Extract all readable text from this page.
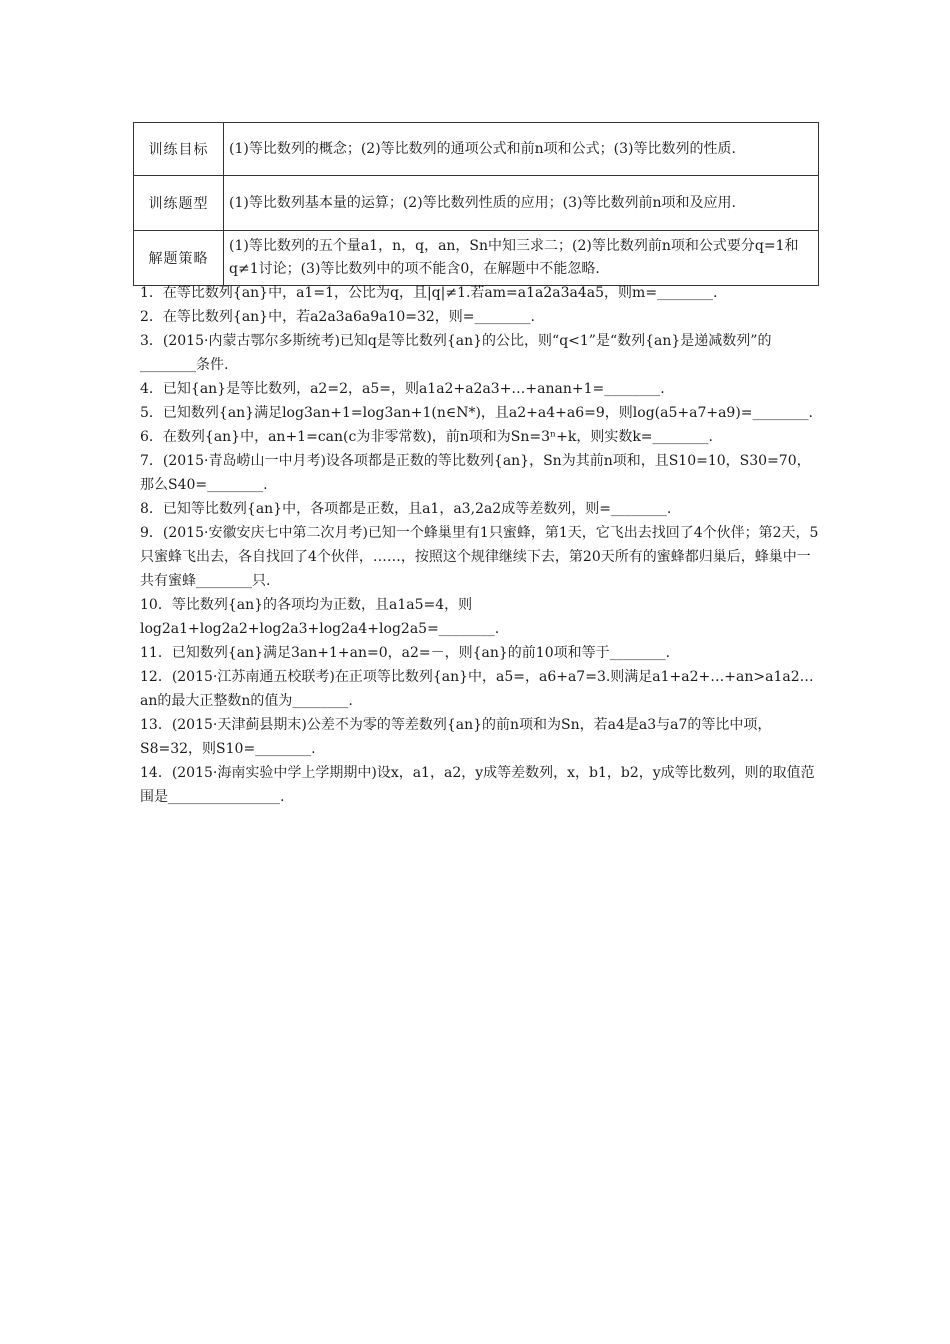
训练目标	(1)等比数列的概念；(2)等比数列的通项公式和前n项和公式；(3)等比数列的性质.
训练题型	(1)等比数列基本量的运算；(2)等比数列性质的应用；(3)等比数列前n项和及应用.
解题策略	(1)等比数列的五个量a1，n，q，an，Sn中知三求二；(2)等比数列前n项和公式要分q=1和q≠1讨论；(3)等比数列中的项不能含0，在解题中不能忽略.

1．在等比数列{an}中，a1=1，公比为q，且|q|≠1.若am=a1a2a3a4a5，则m=________.

2．在等比数列{an}中，若a2a3a6a9a10=32，则=________.

3．(2015·内蒙古鄂尔多斯统考)已知q是等比数列{an}的公比，则“q<1”是“数列{an}是递减数列”的________条件.

4．已知{an}是等比数列，a2=2，a5=，则a1a2+a2a3+…+anan+1=________.

5．已知数列{an}满足log3an+1=log3an+1(n∈N*)，且a2+a4+a6=9，则log(a5+a7+a9)=________.

6．在数列{an}中，an+1=can(c为非零常数)，前n项和为Sn=3ⁿ+k，则实数k=________.

7．(2015·青岛崂山一中月考)设各项都是正数的等比数列{an}，Sn为其前n项和，且S10=10，S30=70，那么S40=________.

8．已知等比数列{an}中，各项都是正数，且a1，a3,2a2成等差数列，则=________.

9．(2015·安徽安庆七中第二次月考)已知一个蜂巢里有1只蜜蜂，第1天，它飞出去找回了4个伙伴；第2天，5只蜜蜂飞出去，各自找回了4个伙伴，……，按照这个规律继续下去，第20天所有的蜜蜂都归巢后，蜂巢中一共有蜜蜂________只.

10．等比数列{an}的各项均为正数，且a1a5=4，则log2a1+log2a2+log2a3+log2a4+log2a5=________.

11．已知数列{an}满足3an+1+an=0，a2=－，则{an}的前10项和等于________.

12．(2015·江苏南通五校联考)在正项等比数列{an}中，a5=，a6+a7=3.则满足a1+a2+…+an>a1a2…an的最大正整数n的值为________.

13．(2015·天津蓟县期末)公差不为零的等差数列{an}的前n项和为Sn，若a4是a3与a7的等比中项，S8=32，则S10=________.

14．(2015·海南实验中学上学期期中)设x，a1，a2，y成等差数列，x，b1，b2，y成等比数列，则的取值范围是________________.
